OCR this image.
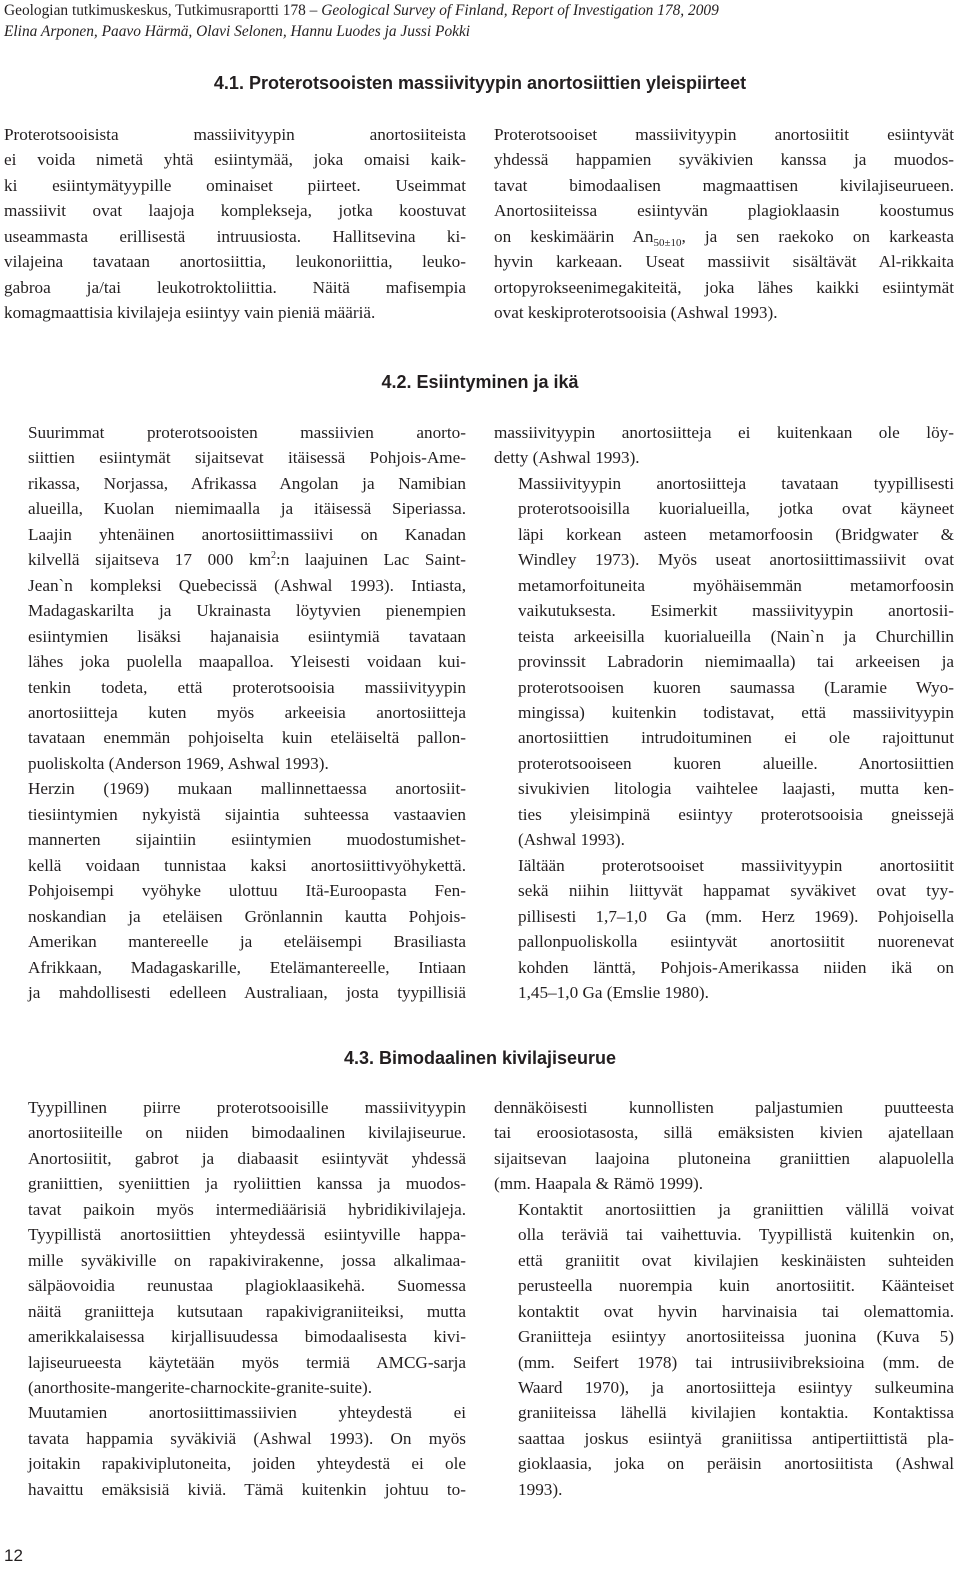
Geologian tutkimuskeskus, Tutkimusraportti 178 – Geological Survey of Finland, Report of Investigation 178, 2009
Elina Arponen, Paavo Härmä, Olavi Selonen, Hannu Luodes ja Jussi Pokki
4.1. Proterotsooisten massiivityypin anortosiittien yleispiirteet

Proterotsooisista massiivityypin anortosiiteista
ei voida nimetä yhtä esiintymää, joka omaisi kaik-
ki esiintymätyypille ominaiset piirteet. Useimmat
massiivit ovat laajoja komplekseja, jotka koostuvat
useammasta erillisestä intruusiosta. Hallitsevina ki-
vilajeina tavataan anortosiittia, leukonoriittia, leuko-
gabroa ja/tai leukotroktoliittia. Näitä mafisempia
komagmaattisia kivilajeja esiintyy vain pieniä määriä.

Proterotsooiset massiivityypin anortosiitit esiintyvät
yhdessä happamien syväkivien kanssa ja muodos-
tavat bimodaalisen magmaattisen kivilajiseurueen.
Anortosiiteissa esiintyvän plagioklaasin koostumus
on keskimäärin $An_{50\pm 10}$, ja sen raekoko on karkeasta
hyvin karkeaan. Useat massiivit sisältävät Al-rikkaita
ortopyrokseenimegakiteitä, joka lähes kaikki esiintymät
ovat keskiproterotsooisia (Ashwal 1993).

4.2. Esiintyminen ja ikä

Suurimmat proterotsooisten massiivien anorto-
siittien esiintymät sijaitsevat itäisessä Pohjois-Ame-
rikassa, Norjassa, Afrikassa Angolan ja Namibian
alueilla, Kuolan niemimaalla ja itäisessä Siperiassa.
Laajin yhtenäinen anortosiittimassiivi on Kanadan
kilvellä sijaitseva 17 000 $km^2:n$ laajuinen Lac Saint-
Jean`n kompleksi Quebecissä (Ashwal 1993). Intiasta,
Madagaskarilta ja Ukrainasta löytyvien pienempien
esiintymien lisäksi hajanaisia esiintymiä tavataan
lähes joka puolella maapalloa. Yleisesti voidaan kui-
tenkin todeta, että proterotsooisia massiivityypin
anortosiitteja kuten myös arkeeisia anortosiitteja
tavataan enemmän pohjoiselta kuin eteläiseltä pallon-
puoliskolta (Anderson 1969, Ashwal 1993).

Herzin (1969) mukaan mallinnettaessa anortosiit-
tiesiintymien nykyistä sijaintia suhteessa vastaavien
mannerten sijaintiin esiintymien muodostumishet-
kellä voidaan tunnistaa kaksi anortosiittivyöhykettä.
Pohjoisempi vyöhyke ulottuu Itä-Euroopasta Fen-
noskandian ja eteläisen Grönlannin kautta Pohjois-
Amerikan mantereelle ja eteläisempi Brasiliasta
Afrikkaan, Madagaskarille, Etelämantereelle, Intiaan
ja mahdollisesti edelleen Australiaan, josta tyypillisiä

massiivityypin anortosiitteja ei kuitenkaan ole löy-
detty (Ashwal 1993).

Massiivityypin anortosiitteja tavataan tyypillisesti
proterotsooisilla kuorialueilla, jotka ovat käyneet
läpi korkean asteen metamorfoosin (Bridgwater &
Windley 1973). Myös useat anortosiittimassiivit ovat
metamorfoituneita myöhäisemmän metamorfoosin
vaikutuksesta. Esimerkit massiivityypin anortosii-
teista arkeeisilla kuorialueilla (Nain`n ja Churchillin
provinssit Labradorin niemimaalla) tai arkeeisen ja
proterotsooisen kuoren saumassa (Laramie Wyo-
mingissa) kuitenkin todistavat, että massiivityypin
anortosiittien intrudoituminen ei ole rajoittunut
proterotsooiseen kuoren alueille. Anortosiittien
sivukivien litologia vaihtelee laajasti, mutta ken-
ties yleisimpinä esiintyy proterotsooisia gneissejä
(Ashwal 1993).

Iältään proterotsooiset massiivityypin anortosiitit
sekä niihin liittyvät happamat syväkivet ovat tyy-
pillisesti 1,7–1,0 Ga (mm. Herz 1969). Pohjoisella
pallonpuoliskolla esiintyvät anortosiitit nuorenevat
kohden länttä, Pohjois-Amerikassa niiden ikä on
1,45–1,0 Ga (Emslie 1980).

4.3. Bimodaalinen kivilajiseurue

Tyypillinen piirre proterotsooisille massiivityypin
anortosiiteille on niiden bimodaalinen kivilajiseurue.
Anortosiitit, gabrot ja diabaasit esiintyvät yhdessä
graniittien, syeniittien ja ryoliittien kanssa ja muodos-
tavat paikoin myös intermediäärisiä hybridikivilajeja.
Tyypillistä anortosiittien yhteydessä esiintyville happa-
mille syväkiville on rapakivirakenne, jossa alkalimaa-
sälpäovoidia reunustaa plagioklaasikehä. Suomessa
näitä graniitteja kutsutaan rapakivigraniiteiksi, mutta
amerikkalaisessa kirjallisuudessa bimodaalisesta kivi-
lajiseurueesta käytetään myös termiä AMCG-sarja
(anorthosite-mangerite-charnockite-granite-suite).

Muutamien anortosiittimassiivien yhteydestä ei
tavata happamia syväkiviä (Ashwal 1993). On myös
joitakin rapakiviplutoneita, joiden yhteydestä ei ole
havaittu emäksisiä kiviä. Tämä kuitenkin johtuu to-

dennäköisesti kunnollisten paljastumien puutteesta
tai eroosiotasosta, sillä emäksisten kivien ajatellaan
sijaitsevan laajoina plutoneina graniittien alapuolella
(mm. Haapala & Rämö 1999).

Kontaktit anortosiittien ja graniittien välillä voivat
olla teräviä tai vaihettuvia. Tyypillistä kuitenkin on,
että graniitit ovat kivilajien keskinäisten suhteiden
perusteella nuorempia kuin anortosiitit. Käänteiset
kontaktit ovat hyvin harvinaisia tai olemattomia.
Graniitteja esiintyy anortosiiteissa juonina (Kuva 5)
(mm. Seifert 1978) tai intrusiivibreksioina (mm. de
Waard 1970), ja anortosiitteja esiintyy sulkeumina
graniiteissa lähellä kivilajien kontaktia. Kontaktissa
saattaa joskus esiintyä graniitissa antipertiittistä pla-
gioklaasia, joka on peräisin anortosiitista (Ashwal
1993).

12
